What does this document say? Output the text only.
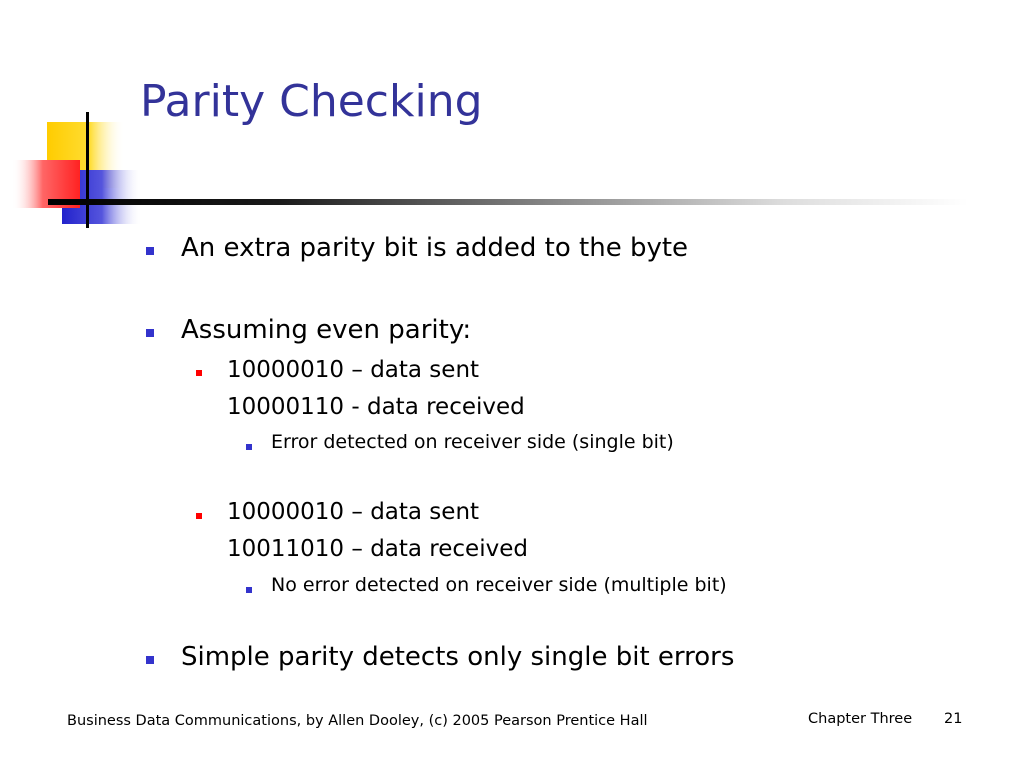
Parity Checking
An extra parity bit is added to the byte
Assuming even parity:
10000010 – data sent
10000110 - data received
Error detected on receiver side (single bit)
10000010 – data sent
10011010 – data received
No error detected on receiver side (multiple bit)
Simple parity detects only single bit errors
Business Data Communications, by Allen Dooley, (c) 2005 Pearson Prentice Hall	Chapter Three 21
